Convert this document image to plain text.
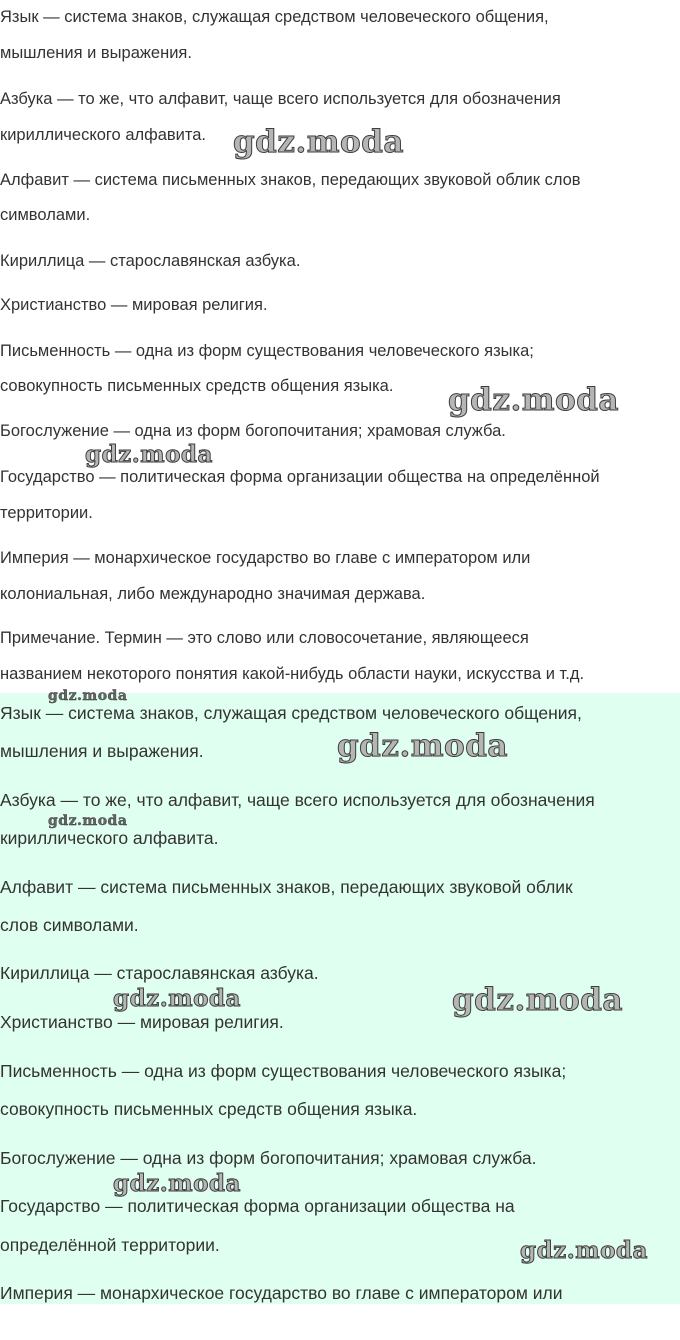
Язык — система знаков, служащая средством человеческого общения,
мышления и выражения.
Азбука — то же, что алфавит, чаще всего используется для обозначения
кириллического алфавита.
Алфавит — система письменных знаков, передающих звуковой облик слов
символами.
Кириллица — старославянская азбука.
Христианство — мировая религия.
Письменность — одна из форм существования человеческого языка;
совокупность письменных средств общения языка.
Богослужение — одна из форм богопочитания; храмовая служба.
Государство — политическая форма организации общества на определённой
территории.
Империя — монархическое государство во главе с императором или
колониальная, либо международно значимая держава.
Примечание. Термин — это слово или словосочетание, являющееся
названием некоторого понятия какой-нибудь области науки, искусства и т.д.
Язык — система знаков, служащая средством человеческого общения,
мышления и выражения.
Азбука — то же, что алфавит, чаще всего используется для обозначения
кириллического алфавита.
Алфавит — система письменных знаков, передающих звуковой облик
слов символами.
Кириллица — старославянская азбука.
Христианство — мировая религия.
Письменность — одна из форм существования человеческого языка;
совокупность письменных средств общения языка.
Богослужение — одна из форм богопочитания; храмовая служба.
Государство — политическая форма организации общества на
определённой территории.
Империя — монархическое государство во главе с императором или
gdz.moda
gdz.moda
gdz.moda
gdz.moda
gdz.moda
gdz.moda
gdz.moda	gdz.moda
gdz.moda
gdz.moda
